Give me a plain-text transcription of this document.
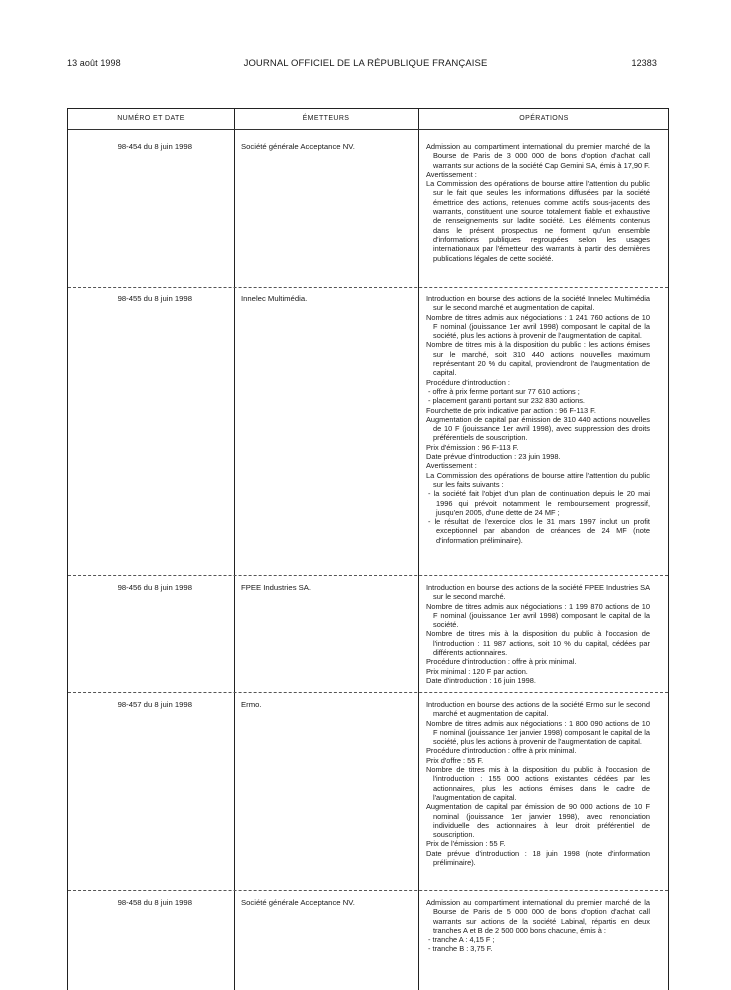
13 août 1998	JOURNAL OFFICIEL DE LA RÉPUBLIQUE FRANÇAISE	12383
NUMÉRO ET DATE	ÉMETTEURS	OPÉRATIONS
98-454 du 8 juin 1998	Société générale Acceptance NV.	Admission au compartiment international du premier marché de la Bourse de Paris de 3 000 000 de bons d'option d'achat call warrants sur actions de la société Cap Gemini SA, émis à 17,90 F.

Avertissement :

La Commission des opérations de bourse attire l'attention du public sur le fait que seules les informations diffusées par la société émettrice des actions, retenues comme actifs sous-jacents des warrants, constituent une source totalement fiable et exhaustive de renseignements sur ladite société. Les éléments contenus dans le présent prospectus ne forment qu'un ensemble d'informations publiques regroupées selon les usages internationaux par l'émetteur des warrants à partir des dernières publications légales de cette société.

98-455 du 8 juin 1998	Innelec Multimédia.	Introduction en bourse des actions de la société Innelec Multimédia sur le second marché et augmentation de capital.

Nombre de titres admis aux négociations : 1 241 760 actions de 10 F nominal (jouissance 1er avril 1998) composant le capital de la société, plus les actions à provenir de l'augmentation de capital.

Nombre de titres mis à la disposition du public : les actions émises sur le marché, soit 310 440 actions nouvelles maximum représentant 20 % du capital, proviendront de l'augmentation de capital.

Procédure d'introduction :

- offre à prix ferme portant sur 77 610 actions ;

- placement garanti portant sur 232 830 actions.

Fourchette de prix indicative par action : 96 F-113 F.

Augmentation de capital par émission de 310 440 actions nouvelles de 10 F (jouissance 1er avril 1998), avec suppression des droits préférentiels de souscription.

Prix d'émission : 96 F-113 F.

Date prévue d'introduction : 23 juin 1998.

Avertissement :

La Commission des opérations de bourse attire l'attention du public sur les faits suivants :

- la société fait l'objet d'un plan de continuation depuis le 20 mai 1996 qui prévoit notamment le remboursement progressif, jusqu'en 2005, d'une dette de 24 MF ;

- le résultat de l'exercice clos le 31 mars 1997 inclut un profit exceptionnel par abandon de créances de 24 MF (note d'information préliminaire).

98-456 du 8 juin 1998	FPEE Industries SA.	Introduction en bourse des actions de la société FPEE Industries SA sur le second marché.

Nombre de titres admis aux négociations : 1 199 870 actions de 10 F nominal (jouissance 1er avril 1998) composant le capital de la société.

Nombre de titres mis à la disposition du public à l'occasion de l'introduction : 11 987 actions, soit 10 % du capital, cédées par différents actionnaires.

Procédure d'introduction : offre à prix minimal.

Prix minimal : 120 F par action.

Date d'introduction : 16 juin 1998.

98-457 du 8 juin 1998	Ermo.	Introduction en bourse des actions de la société Ermo sur le second marché et augmentation de capital.

Nombre de titres admis aux négociations : 1 800 090 actions de 10 F nominal (jouissance 1er janvier 1998) composant le capital de la société, plus les actions à provenir de l'augmentation de capital.

Procédure d'introduction : offre à prix minimal.

Prix d'offre : 55 F.

Nombre de titres mis à la disposition du public à l'occasion de l'introduction : 155 000 actions existantes cédées par les actionnaires, plus les actions émises dans le cadre de l'augmentation de capital.

Augmentation de capital par émission de 90 000 actions de 10 F nominal (jouissance 1er janvier 1998), avec renonciation individuelle des actionnaires à leur droit préférentiel de souscription.

Prix de l'émission : 55 F.

Date prévue d'introduction : 18 juin 1998 (note d'information préliminaire).

98-458 du 8 juin 1998	Société générale Acceptance NV.	Admission au compartiment international du premier marché de la Bourse de Paris de 5 000 000 de bons d'option d'achat call warrants sur actions de la société Labinal, répartis en deux tranches A et B de 2 500 000 bons chacune, émis à :

- tranche A : 4,15 F ;

- tranche B : 3,75 F.
